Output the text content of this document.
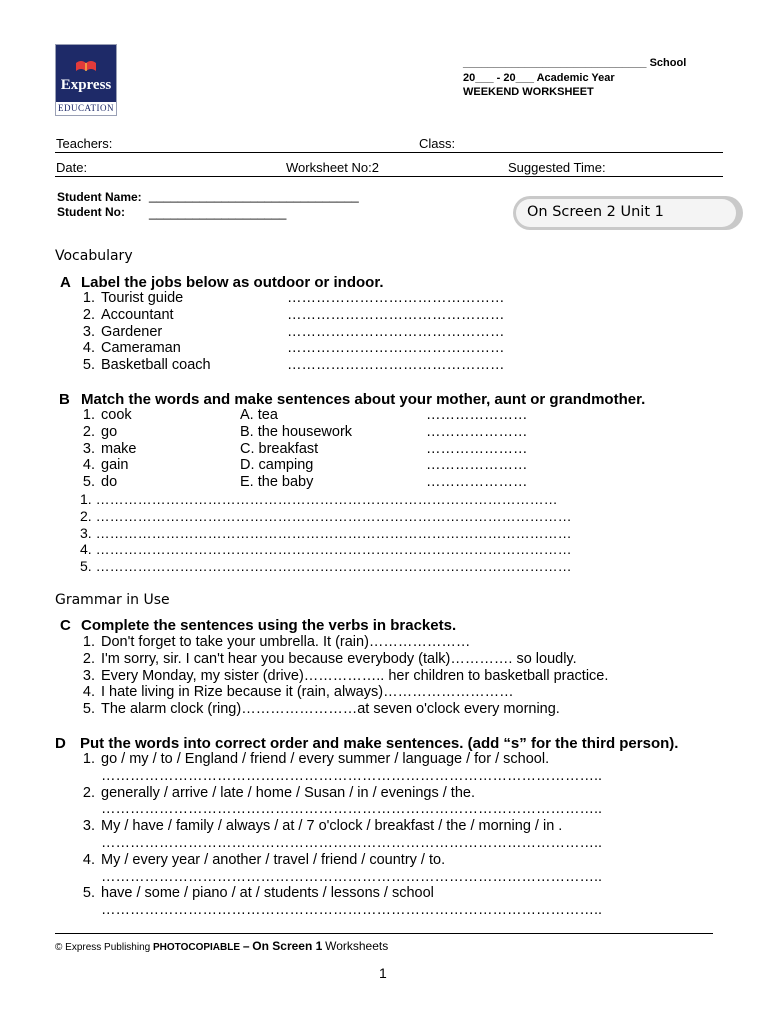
Express
EDUCATION
______________________________ School
20___ - 20___ Academic Year
WEEKEND WORKSHEET
Teachers:	Class:
Date:	Worksheet No:2	Suggested Time:
Student Name: _____________________________
Student No: ___________________	On Screen 2 Unit 1
Vocabulary
A Label the jobs below as outdoor or indoor.
1. Tourist guide	………………………………………
2. Accountant	………………………………………
3. Gardener	………………………………………
4. Cameraman	………………………………………
5. Basketball coach	………………………………………
B Match the words and make sentences about your mother, aunt or grandmother.
1. cook	A. tea	…………………
2. go	B. the housework	…………………
3. make	C. breakfast	…………………
4. gain	D. camping	…………………
5. do	E. the baby	…………………
1. ………………………………………………………………………………………
2. …………………………………………………………………………………………
3. …………………………………………………………………………………………
4. …………………………………………………………………………………………
5. …………………………………………………………………………………………
Grammar in Use
C Complete the sentences using the verbs in brackets.
1. Don't forget to take your umbrella. It (rain)…………………
2. I'm sorry, sir. I can't hear you because everybody (talk)…………. so loudly.
3. Every Monday, my sister (drive)…………….. her children to basketball practice.
4. I hate living in Rize because it (rain, always)………………………
5. The alarm clock (ring)……………………at seven o'clock every morning.
D Put the words into correct order and make sentences. (add “s” for the third person).
1. go / my / to / England / friend / every summer / language / for / school.
…………………………………………………………………………………………..
2. generally / arrive / late / home / Susan / in / evenings / the.
…………………………………………………………………………………………..
3. My / have / family / always / at / 7 o'clock / breakfast / the / morning / in .
…………………………………………………………………………………………..
4. My / every year / another / travel / friend / country / to.
…………………………………………………………………………………………..
5. have / some / piano / at / students / lessons / school
…………………………………………………………………………………………..
© Express Publishing PHOTOCOPIABLE – On Screen 1 Worksheets
1
